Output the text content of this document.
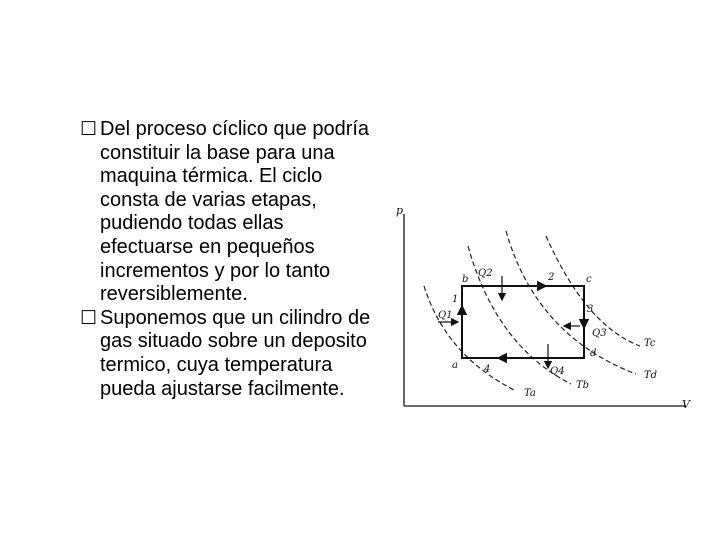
☐ Del proceso cíclico que podría constituir la base para una maquina térmica. El ciclo consta de varias etapas, pudiendo todas ellas efectuarse en pequeños incrementos y por lo tanto reversiblemente.
☐ Suponemos que un cilindro de gas situado sobre un deposito termico, cuya temperatura pueda ajustarse facilmente.
p
V
a
b	c
d
1
2
3
4
Q1
Q2
Q3
Q4
Ta
Tb
Td
Tc
